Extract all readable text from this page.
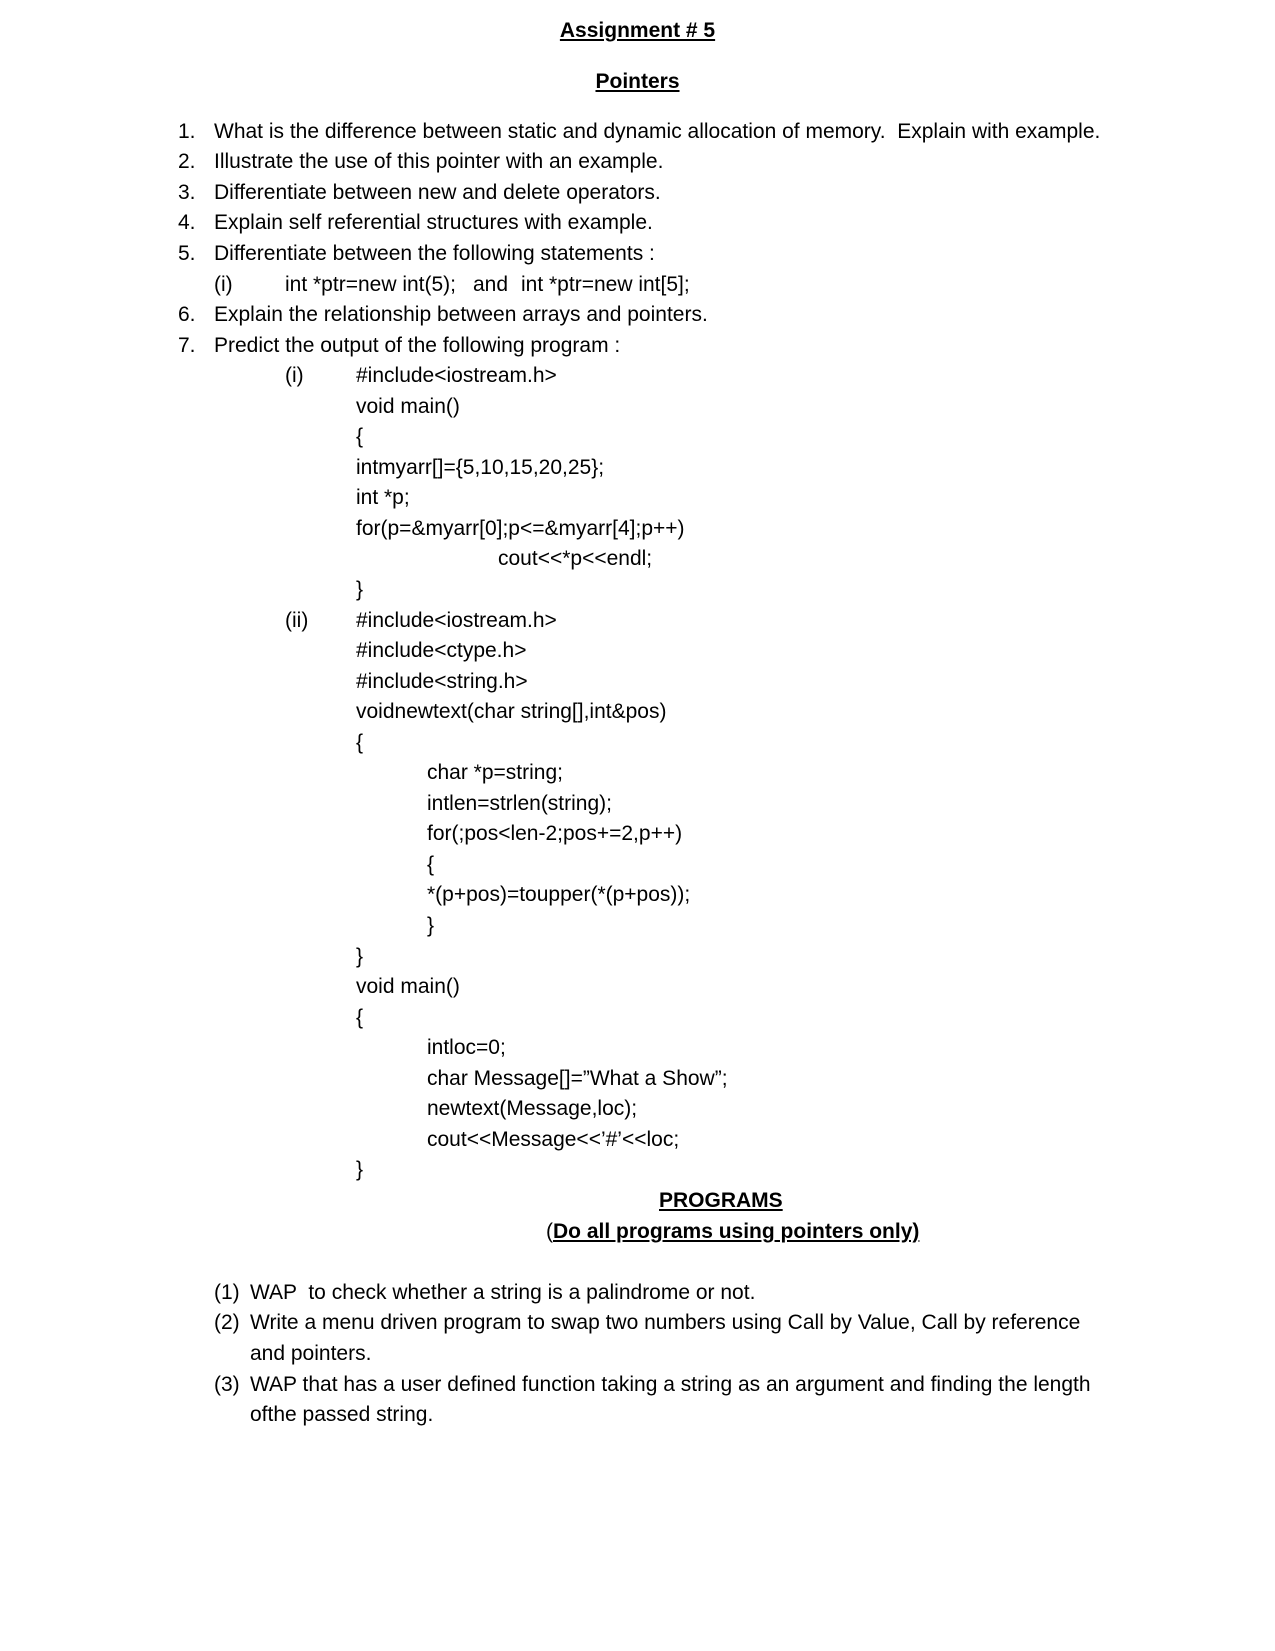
Assignment # 5
Pointers
1. What is the difference between static and dynamic allocation of memory.  Explain with example.
2. Illustrate the use of this pointer with an example.
3. Differentiate between new and delete operators.
4. Explain self referential structures with example.
5. Differentiate between the following statements :
(i) int *ptr=new int(5); and int *ptr=new int[5];
6. Explain the relationship between arrays and pointers.
7. Predict the output of the following program :
(i) #include<iostream.h>
void main()
{
intmyarr[]={5,10,15,20,25};
int *p;
for(p=&myarr[0];p<=&myarr[4];p++)
cout<<*p<<endl;
}
(ii) #include<iostream.h>
#include<ctype.h>
#include<string.h>
voidnewtext(char string[],int&pos)
{
char *p=string;
intlen=strlen(string);
for(;pos<len-2;pos+=2,p++)
{
*(p+pos)=toupper(*(p+pos));
}
}
void main()
{
intloc=0;
char Message[]=”What a Show”;
newtext(Message,loc);
cout<<Message<<’#’<<loc;
}
PROGRAMS
(Do all programs using pointers only)
(1) WAP  to check whether a string is a palindrome or not.
(2) Write a menu driven program to swap two numbers using Call by Value, Call by reference
and pointers.
(3) WAP that has a user defined function taking a string as an argument and finding the length
ofthe passed string.
